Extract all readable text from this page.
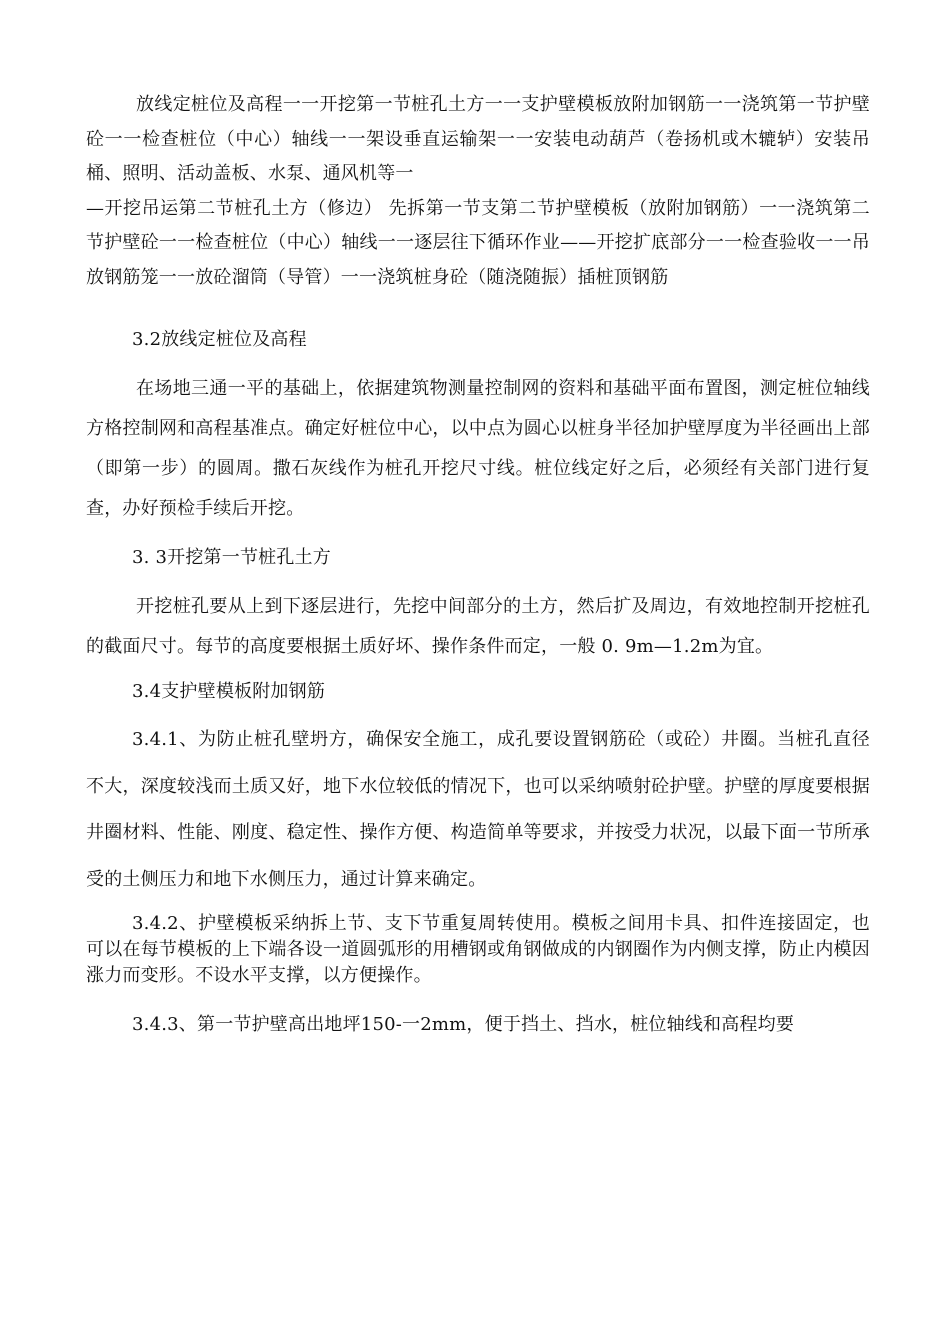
放线定桩位及高程一一开挖第一节桩孔土方一一支护壁模板放附加钢筋一一浇筑第一节护壁砼一一检查桩位（中心）轴线一一架设垂直运输架一一安装电动葫芦（卷扬机或木辘轳）安装吊桶、照明、活动盖板、水泵、通风机等一

—开挖吊运第二节桩孔土方（修边） 先拆第一节支第二节护壁模板（放附加钢筋）一一浇筑第二节护壁砼一一检查桩位（中心）轴线一一逐层往下循环作业——开挖扩底部分一一检查验收一一吊放钢筋笼一一放砼溜筒（导管）一一浇筑桩身砼（随浇随振）插桩顶钢筋

3.2放线定桩位及高程

在场地三通一平的基础上，依据建筑物测量控制网的资料和基础平面布置图，测定桩位轴线方格控制网和高程基准点。确定好桩位中心，以中点为圆心以桩身半径加护壁厚度为半径画出上部（即第一步）的圆周。撒石灰线作为桩孔开挖尺寸线。桩位线定好之后，必须经有关部门进行复查，办好预检手续后开挖。

3. 3开挖第一节桩孔土方

开挖桩孔要从上到下逐层进行，先挖中间部分的土方，然后扩及周边，有效地控制开挖桩孔的截面尺寸。每节的高度要根据土质好坏、操作条件而定，一般 0. 9m—1.2m为宜。

3.4支护壁模板附加钢筋

3.4.1、为防止桩孔壁坍方，确保安全施工，成孔要设置钢筋砼（或砼）井圈。当桩孔直径不大，深度较浅而土质又好，地下水位较低的情况下，也可以采纳喷射砼护壁。护壁的厚度要根据井圈材料、性能、刚度、稳定性、操作方便、构造简单等要求，并按受力状况，以最下面一节所承受的土侧压力和地下水侧压力，通过计算来确定。

3.4.2、护壁模板采纳拆上节、支下节重复周转使用。模板之间用卡具、扣件连接固定，也可以在每节模板的上下端各设一道圆弧形的用槽钢或角钢做成的内钢圈作为内侧支撑，防止内模因涨力而变形。不设水平支撑，以方便操作。

3.4.3、第一节护壁高出地坪150-一2mm，便于挡土、挡水，桩位轴线和高程均要
